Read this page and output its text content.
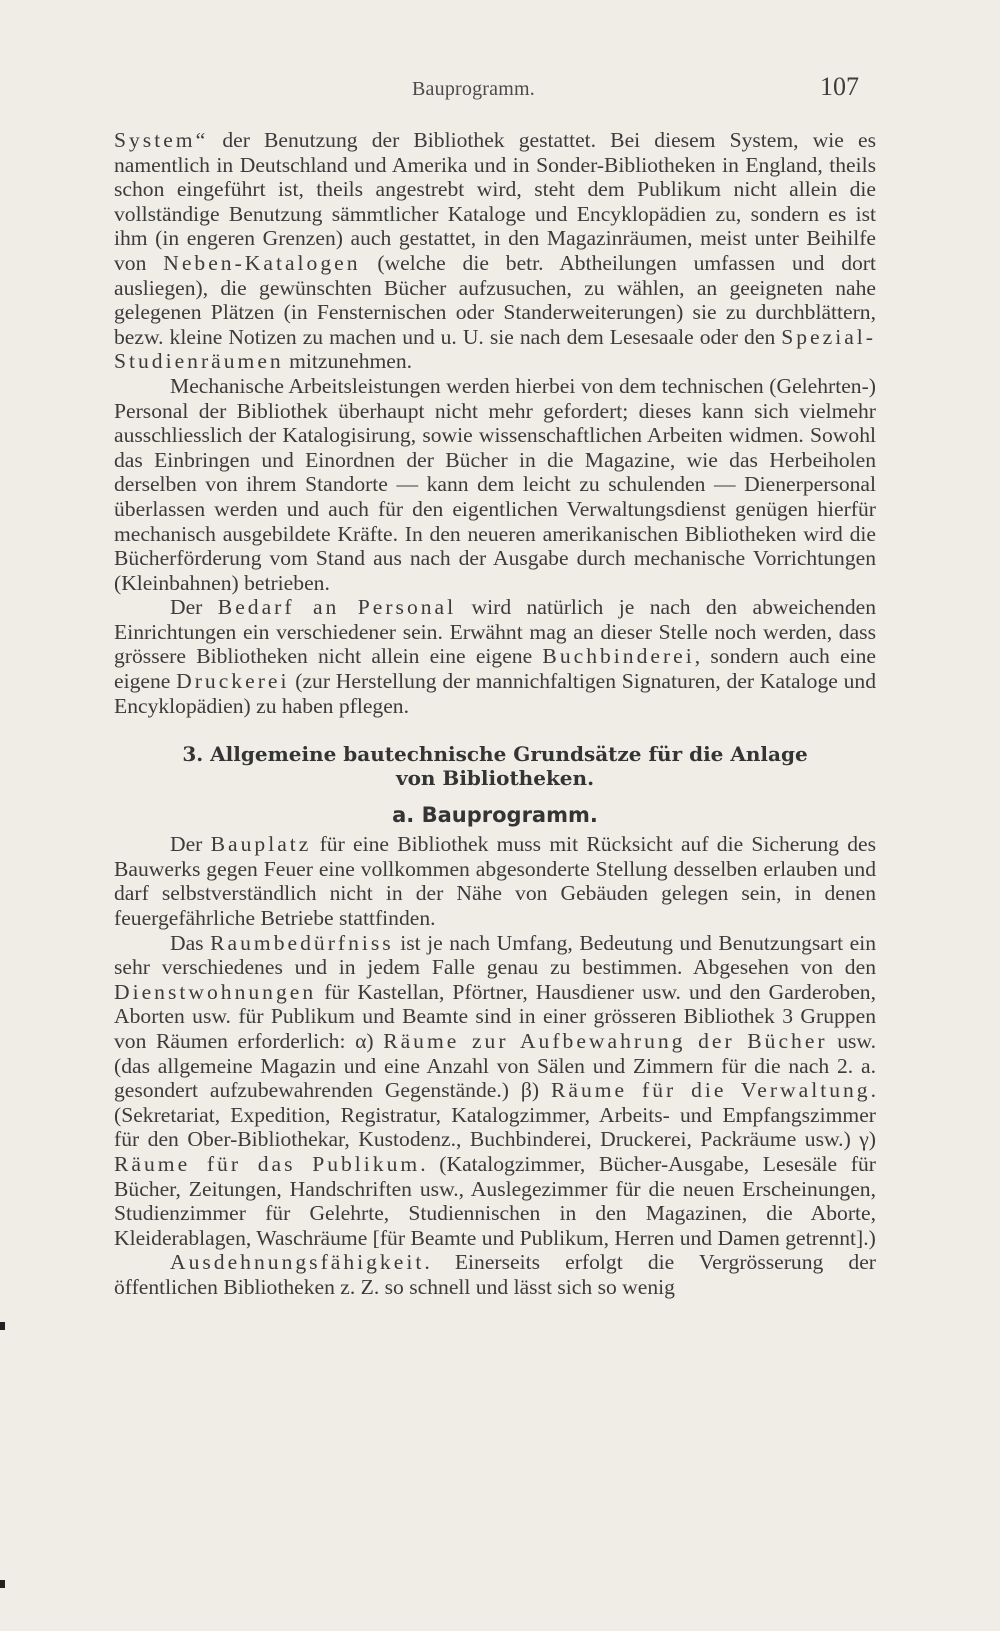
Bauprogramm.	107

System“ der Benutzung der Bibliothek gestattet. Bei diesem System, wie es namentlich in Deutschland und Amerika und in Sonder-Bibliotheken in England, theils schon eingeführt ist, theils angestrebt wird, steht dem Publikum nicht allein die vollständige Benutzung sämmtlicher Kataloge und Encyklopädien zu, sondern es ist ihm (in engeren Grenzen) auch gestattet, in den Magazinräumen, meist unter Beihilfe von Neben-Katalogen (welche die betr. Abtheilungen umfassen und dort ausliegen), die gewünschten Bücher aufzusuchen, zu wählen, an geeigneten nahe gelegenen Plätzen (in Fensternischen oder Standerweiterungen) sie zu durchblättern, bezw. kleine Notizen zu machen und u. U. sie nach dem Lesesaale oder den Spezial-Studienräumen mitzunehmen.

Mechanische Arbeitsleistungen werden hierbei von dem technischen (Gelehrten-) Personal der Bibliothek überhaupt nicht mehr gefordert; dieses kann sich vielmehr ausschliesslich der Katalogisirung, sowie wissenschaftlichen Arbeiten widmen. Sowohl das Einbringen und Einordnen der Bücher in die Magazine, wie das Herbeiholen derselben von ihrem Standorte — kann dem leicht zu schulenden — Dienerpersonal überlassen werden und auch für den eigentlichen Verwaltungsdienst genügen hierfür mechanisch ausgebildete Kräfte. In den neueren amerikanischen Bibliotheken wird die Bücherförderung vom Stand aus nach der Ausgabe durch mechanische Vorrichtungen (Kleinbahnen) betrieben.

Der Bedarf an Personal wird natürlich je nach den abweichenden Einrichtungen ein verschiedener sein. Erwähnt mag an dieser Stelle noch werden, dass grössere Bibliotheken nicht allein eine eigene Buchbinderei, sondern auch eine eigene Druckerei (zur Herstellung der mannichfaltigen Signaturen, der Kataloge und Encyklopädien) zu haben pflegen.

3. Allgemeine bautechnische Grundsätze für die Anlage
von Bibliotheken.
a. Bauprogramm.

Der Bauplatz für eine Bibliothek muss mit Rücksicht auf die Sicherung des Bauwerks gegen Feuer eine vollkommen abgesonderte Stellung desselben erlauben und darf selbstverständlich nicht in der Nähe von Gebäuden gelegen sein, in denen feuergefährliche Betriebe stattfinden.

Das Raumbedürfniss ist je nach Umfang, Bedeutung und Benutzungsart ein sehr verschiedenes und in jedem Falle genau zu bestimmen. Abgesehen von den Dienstwohnungen für Kastellan, Pförtner, Hausdiener usw. und den Garderoben, Aborten usw. für Publikum und Beamte sind in einer grösseren Bibliothek 3 Gruppen von Räumen erforderlich: α) Räume zur Aufbewahrung der Bücher usw. (das allgemeine Magazin und eine Anzahl von Sälen und Zimmern für die nach 2. a. gesondert aufzubewahrenden Gegenstände.) β) Räume für die Verwaltung. (Sekretariat, Expedition, Registratur, Katalogzimmer, Arbeits- und Empfangszimmer für den Ober-Bibliothekar, Kustodenz., Buchbinderei, Druckerei, Packräume usw.) γ) Räume für das Publikum. (Katalogzimmer, Bücher-Ausgabe, Lesesäle für Bücher, Zeitungen, Handschriften usw., Auslegezimmer für die neuen Erscheinungen, Studienzimmer für Gelehrte, Studiennischen in den Magazinen, die Aborte, Kleiderablagen, Waschräume [für Beamte und Publikum, Herren und Damen getrennt].)

Ausdehnungsfähigkeit. Einerseits erfolgt die Vergrösserung der öffentlichen Bibliotheken z. Z. so schnell und lässt sich so wenig
